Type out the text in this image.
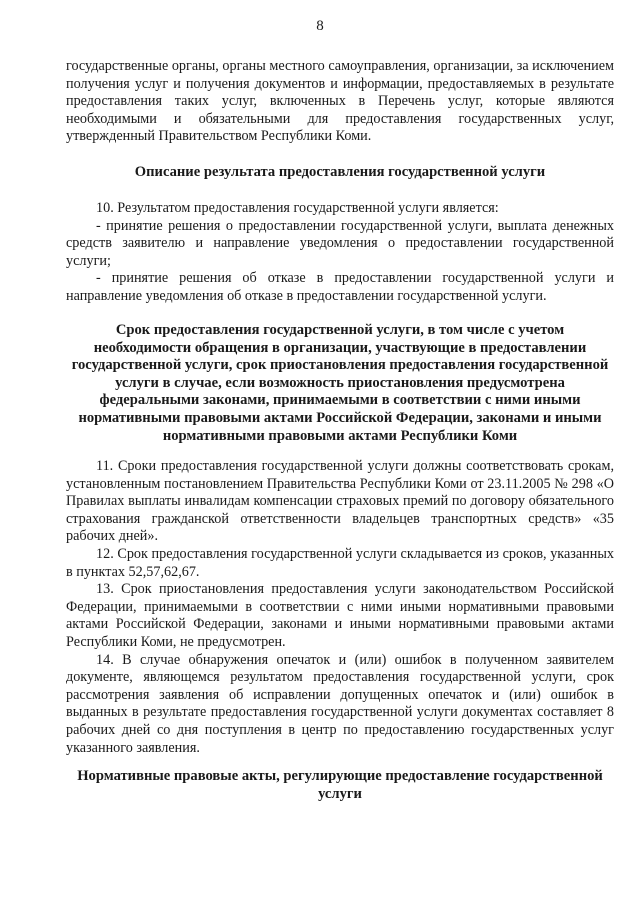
8

государственные органы, органы местного самоуправления, организации, за исключением получения услуг и получения документов и информации, предоставляемых в результате предоставления таких услуг, включенных в Перечень услуг, которые являются необходимыми и обязательными для предоставления государственных услуг, утвержденный Правительством Республики Коми.

Описание результата предоставления государственной услуги

10. Результатом предоставления государственной услуги является:

- принятие решения о предоставлении государственной услуги, выплата денежных средств заявителю и направление уведомления о предоставлении государственной услуги;

- принятие решения об отказе в предоставлении государственной услуги и направление уведомления об отказе в предоставлении государственной услуги.

Срок предоставления государственной услуги, в том числе с учетом необходимости обращения в организации, участвующие в предоставлении государственной услуги, срок приостановления предоставления государственной услуги в случае, если возможность приостановления предусмотрена федеральными законами, принимаемыми в соответствии с ними иными нормативными правовыми актами Российской Федерации, законами и иными нормативными правовыми актами Республики Коми

11. Сроки предоставления государственной услуги должны соответствовать срокам, установленным постановлением Правительства Республики Коми от 23.11.2005 № 298 «О Правилах выплаты инвалидам компенсации страховых премий по договору обязательного страхования гражданской ответственности владельцев транспортных средств» «35 рабочих дней».

12. Срок предоставления государственной услуги складывается из сроков, указанных в пунктах 52,57,62,67.

13. Срок приостановления предоставления услуги законодательством Российской Федерации, принимаемыми в соответствии с ними иными нормативными правовыми актами Российской Федерации, законами и иными нормативными правовыми актами Республики Коми, не предусмотрен.

14. В случае обнаружения опечаток и (или) ошибок в полученном заявителем документе, являющемся результатом предоставления государственной услуги, срок рассмотрения заявления об исправлении допущенных опечаток и (или) ошибок в выданных в результате предоставления государственной услуги документах составляет 8 рабочих дней со дня поступления в центр по предоставлению государственных услуг указанного заявления.

Нормативные правовые акты, регулирующие предоставление государственной услуги
